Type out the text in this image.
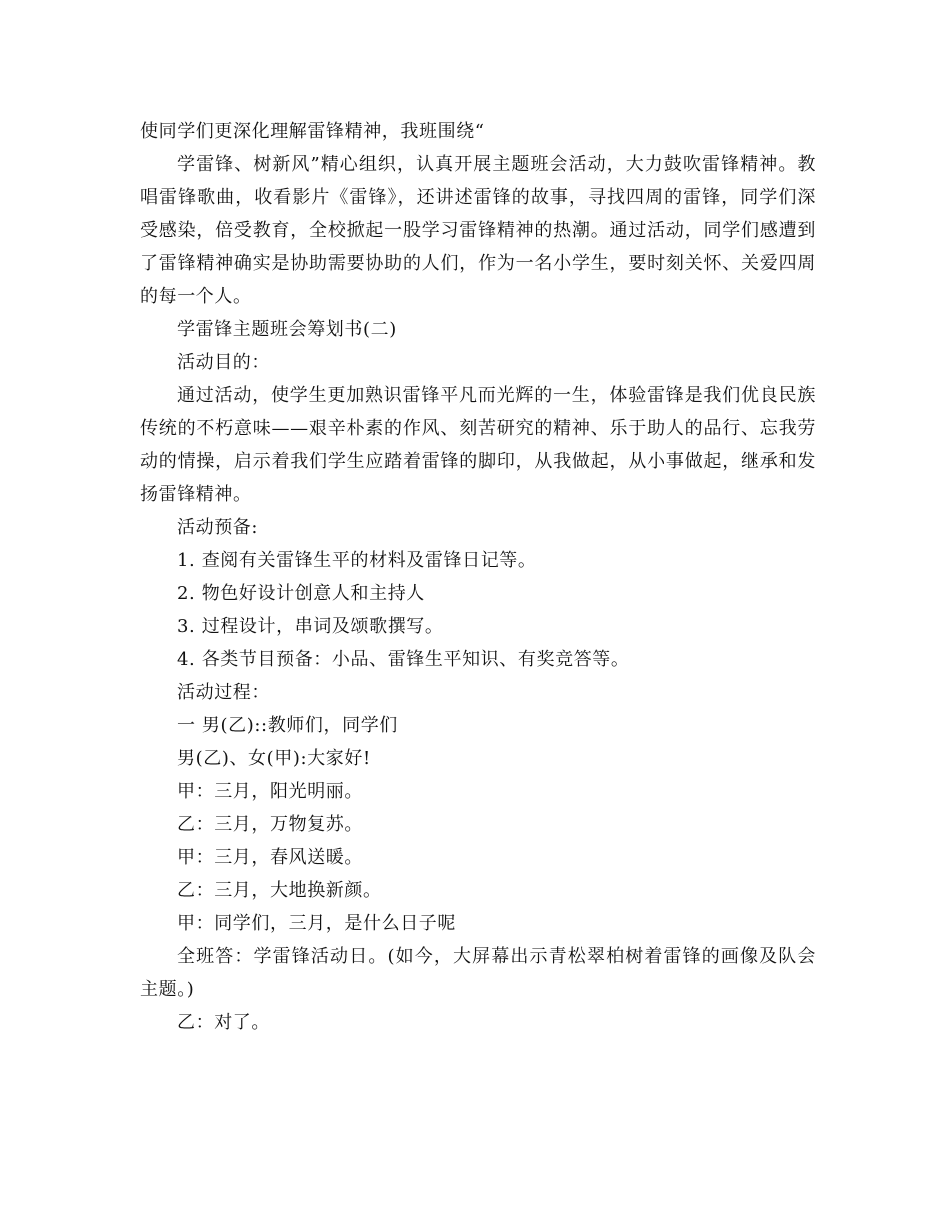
使同学们更深化理解雷锋精神，我班围绕“

学雷锋、树新风”精心组织，认真开展主题班会活动，大力鼓吹雷锋精神。教唱雷锋歌曲，收看影片《雷锋》，还讲述雷锋的故事，寻找四周的雷锋，同学们深受感染，倍受教育，全校掀起一股学习雷锋精神的热潮。通过活动，同学们感遭到了雷锋精神确实是协助需要协助的人们，作为一名小学生，要时刻关怀、关爱四周的每一个人。

学雷锋主题班会筹划书(二)

活动目的：

通过活动，使学生更加熟识雷锋平凡而光辉的一生，体验雷锋是我们优良民族传统的不朽意味——艰辛朴素的作风、刻苦研究的精神、乐于助人的品行、忘我劳动的情操，启示着我们学生应踏着雷锋的脚印，从我做起，从小事做起，继承和发扬雷锋精神。

活动预备:

1. 查阅有关雷锋生平的材料及雷锋日记等。

2. 物色好设计创意人和主持人

3. 过程设计，串词及颂歌撰写。

4. 各类节目预备：小品、雷锋生平知识、有奖竞答等。

活动过程：

一 男(乙)::教师们，同学们

男(乙)、女(甲):大家好!

甲：三月，阳光明丽。

乙：三月，万物复苏。

甲：三月，春风送暖。

乙：三月，大地换新颜。

甲：同学们，三月，是什么日子呢

全班答：学雷锋活动日。(如今，大屏幕出示青松翠柏树着雷锋的画像及队会主题。)

乙：对了。
